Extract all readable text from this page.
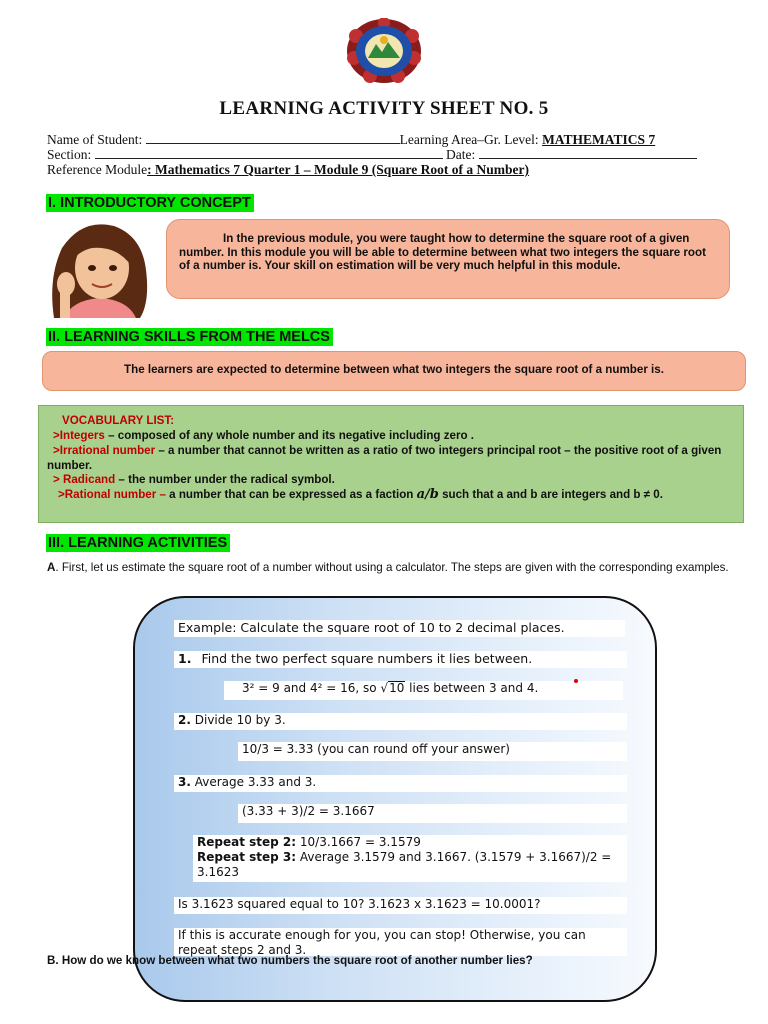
LEARNING ACTIVITY SHEET NO. 5
Name of Student:	Learning Area–Gr. Level: MATHEMATICS 7
Section:	Date:
Reference Module: Mathematics 7 Quarter 1 – Module 9 (Square Root of a Number)
I. INTRODUCTORY CONCEPT
In the previous module, you were taught how to determine the square root of a given number. In this module you will be able to determine between what two integers the square root of a number is. Your skill on estimation will be very much helpful in this module.
II. LEARNING SKILLS FROM THE MELCS
The learners are expected to determine between what two integers the square root of a number is.
VOCABULARY LIST:
>Integers – composed of any whole number and its negative including zero .
>Irrational number – a number that cannot be written as a ratio of two integers principal root – the positive root of a given number.
> Radicand – the number under the radical symbol.
>Rational number – a number that can be expressed as a faction a/b such that a and b are integers and b ≠ 0.
III. LEARNING ACTIVITIES
A. First, let us estimate the square root of a number without using a calculator. The steps are given with the corresponding examples.
Example: Calculate the square root of 10 to 2 decimal places.
1. Find the two perfect square numbers it lies between.
3² = 9 and 4² = 16, so √10 lies between 3 and 4.
2. Divide 10 by 3.
10/3 = 3.33 (you can round off your answer)
3. Average 3.33 and 3.
(3.33 + 3)/2 = 3.1667
Repeat step 2: 10/3.1667 = 3.1579
Repeat step 3: Average 3.1579 and 3.1667. (3.1579 + 3.1667)/2 =
3.1623
Is 3.1623 squared equal to 10? 3.1623 x 3.1623 = 10.0001?
If this is accurate enough for you, you can stop! Otherwise, you can
repeat steps 2 and 3.
B. How do we know between what two numbers the square root of another number lies?
